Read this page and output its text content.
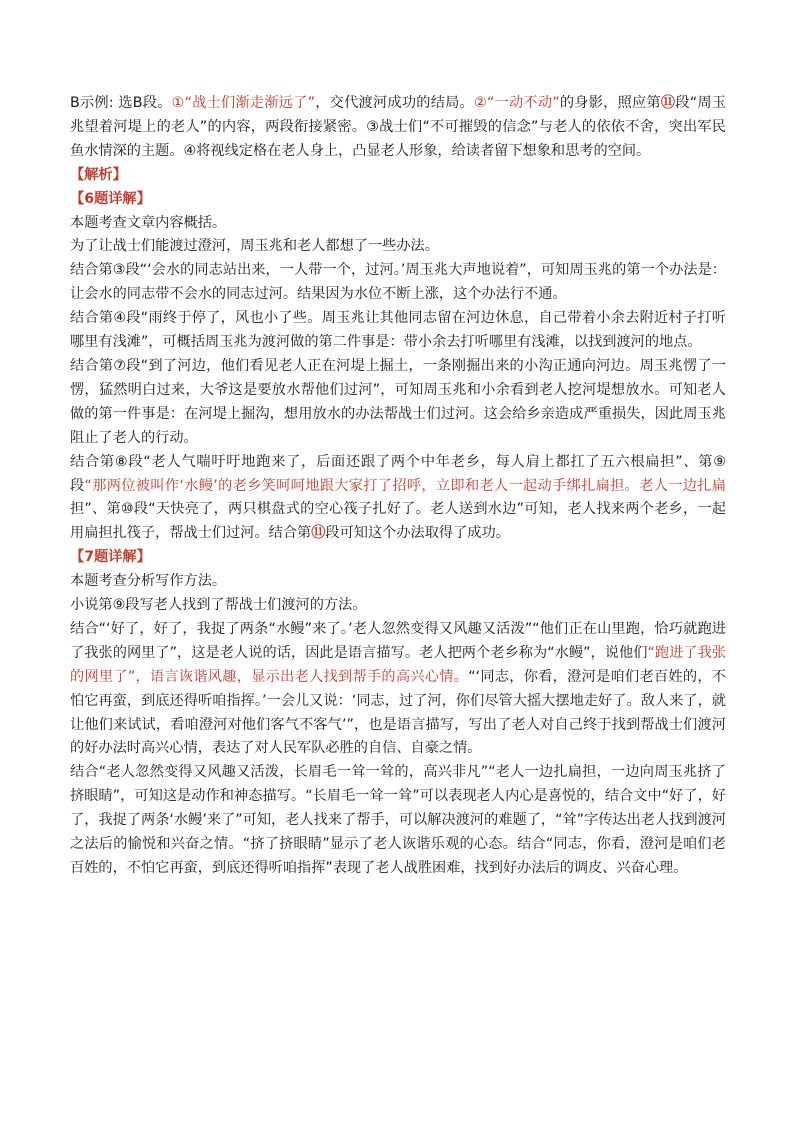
B示例: 选B段。①“战士们渐走渐远了”，交代渡河成功的结局。②“一动不动”的身影，照应第⑪段“周玉兆望着河堤上的老人”的内容，两段衔接紧密。③战士们“不可摧毁的信念”与老人的依依不舍，突出军民鱼水情深的主题。④将视线定格在老人身上，凸显老人形象，给读者留下想象和思考的空间。

【解析】

【6题详解】

本题考查文章内容概括。

为了让战士们能渡过澄河，周玉兆和老人都想了一些办法。

结合第③段“‘会水的同志站出来，一人带一个，过河。’周玉兆大声地说着”，可知周玉兆的第一个办法是：让会水的同志带不会水的同志过河。结果因为水位不断上涨，这个办法行不通。

结合第④段“雨终于停了，风也小了些。周玉兆让其他同志留在河边休息，自己带着小余去附近村子打听哪里有浅滩”，可概括周玉兆为渡河做的第二件事是：带小余去打听哪里有浅滩，以找到渡河的地点。

结合第⑦段“到了河边，他们看见老人正在河堤上掘土，一条刚掘出来的小沟正通向河边。周玉兆愣了一愣，猛然明白过来，大爷这是要放水帮他们过河”，可知周玉兆和小余看到老人挖河堤想放水。可知老人做的第一件事是：在河堤上掘沟，想用放水的办法帮战士们过河。这会给乡亲造成严重损失，因此周玉兆阻止了老人的行动。

结合第⑧段“老人气喘吁吁地跑来了，后面还跟了两个中年老乡，每人肩上都扛了五六根扁担”、第⑨段“那两位被叫作‘水鳗’的老乡笑呵呵地跟大家打了招呼，立即和老人一起动手绑扎扁担。老人一边扎扁担”、第⑩段“天快亮了，两只棋盘式的空心筏子扎好了。老人送到水边”可知，老人找来两个老乡，一起用扁担扎筏子，帮战士们过河。结合第⑪段可知这个办法取得了成功。

【7题详解】

本题考查分析写作方法。

小说第⑨段写老人找到了帮战士们渡河的方法。

结合“‘好了，好了，我捉了两条“水鳗”来了。’老人忽然变得又风趣又活泼”“他们正在山里跑，恰巧就跑进了我张的网里了”，这是老人说的话，因此是语言描写。老人把两个老乡称为“水鳗”，说他们“跑进了我张的网里了”，语言诙谐风趣，显示出老人找到帮手的高兴心情。“‘同志，你看，澄河是咱们老百姓的，不怕它再蛮，到底还得听咱指挥。’一会儿又说：‘同志，过了河，你们尽管大摇大摆地走好了。敌人来了，就让他们来试试，看咱澄河对他们客气不客气’”，也是语言描写，写出了老人对自己终于找到帮战士们渡河的好办法时高兴心情，表达了对人民军队必胜的自信、自豪之情。

结合“老人忽然变得又风趣又活泼，长眉毛一耸一耸的，高兴非凡”“老人一边扎扁担，一边向周玉兆挤了挤眼睛”，可知这是动作和神态描写。“长眉毛一耸一耸”可以表现老人内心是喜悦的，结合文中“好了，好了，我捉了两条‘水鳗’来了”可知，老人找来了帮手，可以解决渡河的难题了，“耸”字传达出老人找到渡河之法后的愉悦和兴奋之情。“挤了挤眼睛”显示了老人诙谐乐观的心态。结合“同志，你看，澄河是咱们老百姓的，不怕它再蛮，到底还得听咱指挥”表现了老人战胜困难，找到好办法后的调皮、兴奋心理。
